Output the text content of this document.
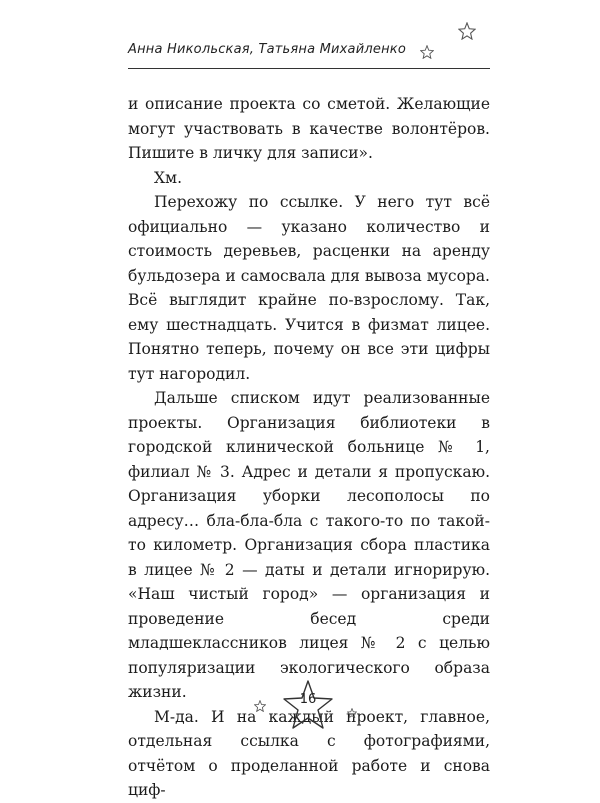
Анна Никольская, Татьяна Михайленко

и описание проекта со сметой. Желающие могут участвовать в качестве волонтёров. Пишите в личку для записи».

Хм.

Перехожу по ссылке. У него тут всё официально — указано количество и стоимость деревьев, расценки на аренду бульдозера и самосвала для вывоза мусора. Всё выглядит крайне по-взрослому. Так, ему шестнадцать. Учится в физмат лицее. Понятно теперь, почему он все эти цифры тут нагородил.

Дальше списком идут реализованные проекты. Организация библиотеки в городской клинической больнице № 1, филиал № 3. Адрес и детали я пропускаю. Организация уборки лесополосы по адресу… бла-бла-бла с такого-то по такой-то километр. Организация сбора пластика в лицее № 2 — даты и детали игнорирую. «Наш чистый город» — организация и проведение бесед среди младшеклассников лицея № 2 с целью популяризации экологического образа жизни.

М-да. И на каждый проект, главное, отдельная ссылка с фотографиями, отчётом о проделанной работе и снова циф-

16
